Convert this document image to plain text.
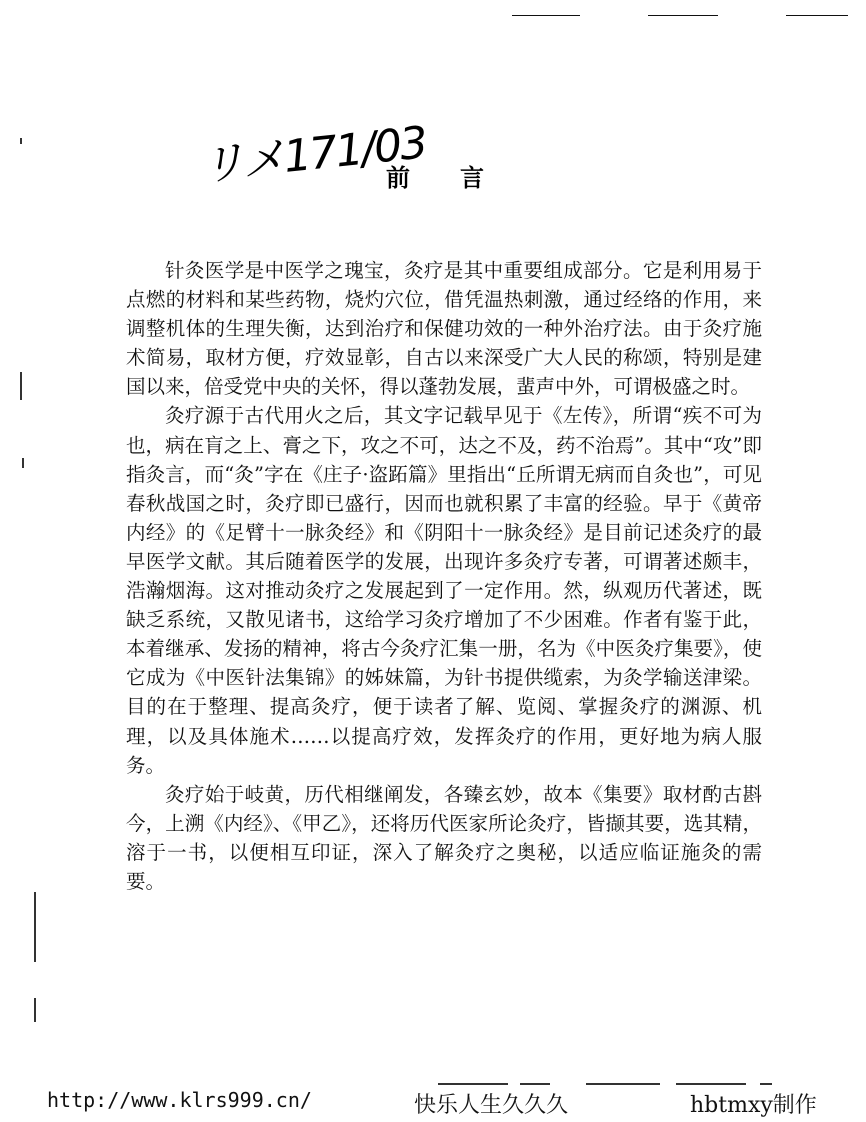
リメ171/03
前言

针灸医学是中医学之瑰宝，灸疗是其中重要组成部分。它是利用易于点燃的材料和某些药物，烧灼穴位，借凭温热刺激，通过经络的作用，来调整机体的生理失衡，达到治疗和保健功效的一种外治疗法。由于灸疗施术简易，取材方便，疗效显彰，自古以来深受广大人民的称颂，特别是建国以来，倍受党中央的关怀，得以蓬勃发展，蜚声中外，可谓极盛之时。

灸疗源于古代用火之后，其文字记载早见于《左传》，所谓“疾不可为也，病在肓之上、膏之下，攻之不可，达之不及，药不治焉”。其中“攻”即指灸言，而“灸”字在《庄子·盗跖篇》里指出“丘所谓无病而自灸也”，可见春秋战国之时，灸疗即已盛行，因而也就积累了丰富的经验。早于《黄帝内经》的《足臂十一脉灸经》和《阴阳十一脉灸经》是目前记述灸疗的最早医学文献。其后随着医学的发展，出现许多灸疗专著，可谓著述颇丰，浩瀚烟海。这对推动灸疗之发展起到了一定作用。然，纵观历代著述，既缺乏系统，又散见诸书，这给学习灸疗增加了不少困难。作者有鉴于此，本着继承、发扬的精神，将古今灸疗汇集一册，名为《中医灸疗集要》，使它成为《中医针法集锦》的姊妹篇，为针书提供缆索，为灸学输送津梁。目的在于整理、提高灸疗，便于读者了解、览阅、掌握灸疗的渊源、机理，以及具体施术……以提高疗效，发挥灸疗的作用，更好地为病人服务。

灸疗始于岐黄，历代相继阐发，各臻玄妙，故本《集要》取材酌古斟今，上溯《内经》、《甲乙》，还将历代医家所论灸疗，皆撷其要，选其精，溶于一书，以便相互印证，深入了解灸疗之奥秘，以适应临证施灸的需要。

http://www.klrs999.cn/	快乐人生久久久	hbtmxy制作
